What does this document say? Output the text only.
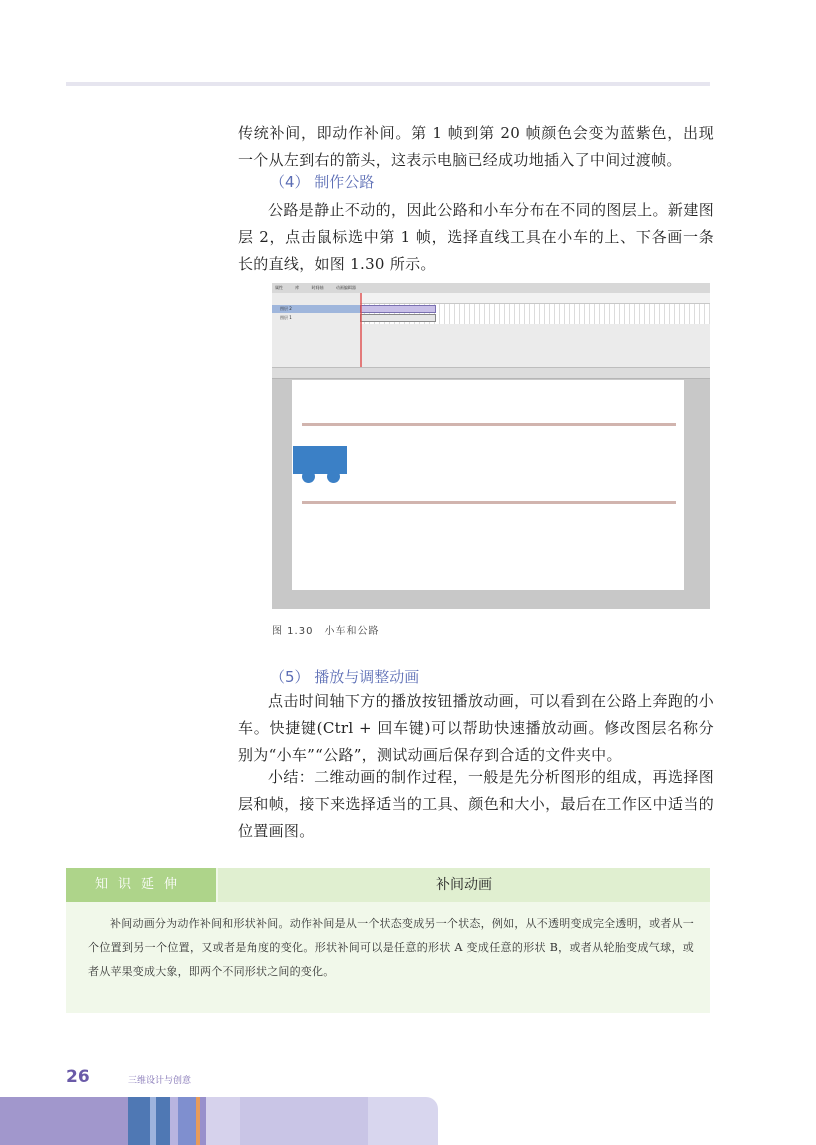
传统补间，即动作补间。第 1 帧到第 20 帧颜色会变为蓝紫色，出现一个从左到右的箭头，这表示电脑已经成功地插入了中间过渡帧。

（4） 制作公路

公路是静止不动的，因此公路和小车分布在不同的图层上。新建图层 2，点击鼠标选中第 1 帧，选择直线工具在小车的上、下各画一条长的直线，如图 1.30 所示。

属性	库	时间轴	动画编辑器
图层 2
图层 1
图 1.30　小车和公路
（5） 播放与调整动画

点击时间轴下方的播放按钮播放动画，可以看到在公路上奔跑的小车。快捷键(Ctrl + 回车键)可以帮助快速播放动画。修改图层名称分别为“小车”“公路”，测试动画后保存到合适的文件夹中。

小结：二维动画的制作过程，一般是先分析图形的组成，再选择图层和帧，接下来选择适当的工具、颜色和大小，最后在工作区中适当的位置画图。

知识延伸	补间动画

补间动画分为动作补间和形状补间。动作补间是从一个状态变成另一个状态，例如，从不透明变成完全透明，或者从一个位置到另一个位置，又或者是角度的变化。形状补间可以是任意的形状 A 变成任意的形状 B，或者从轮胎变成气球，或者从苹果变成大象，即两个不同形状之间的变化。

26	三维设计与创意
